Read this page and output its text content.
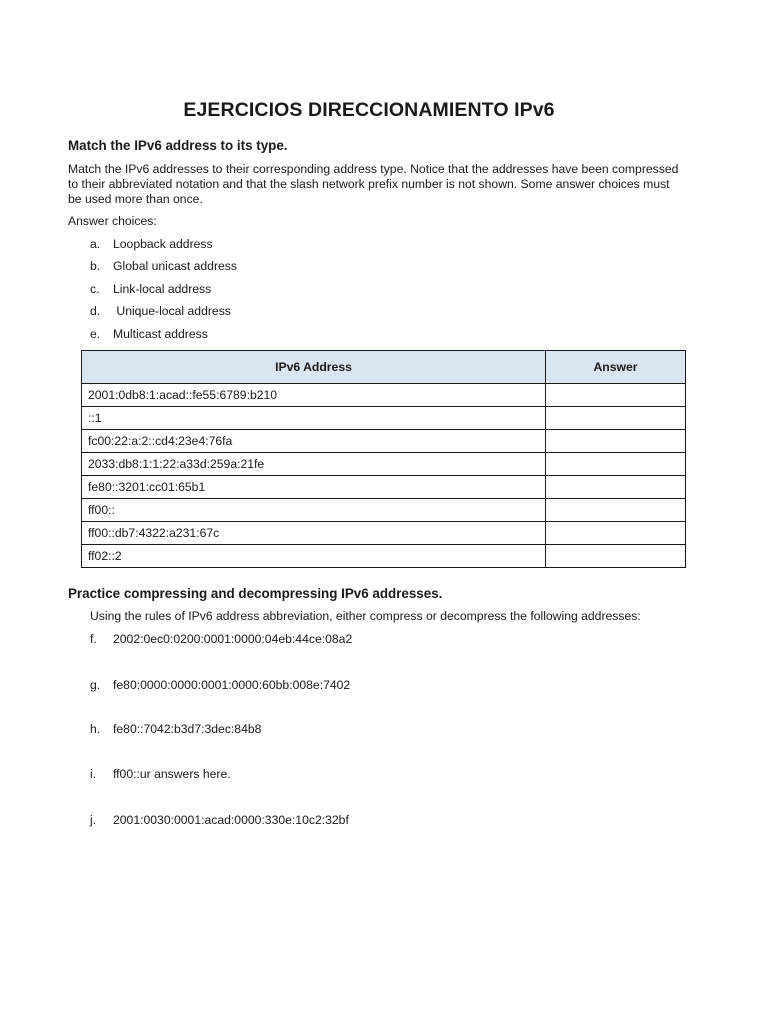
EJERCICIOS DIRECCIONAMIENTO IPv6

Match the IPv6 address to its type.

Match the IPv6 addresses to their corresponding address type. Notice that the addresses have been compressed
to their abbreviated notation and that the slash network prefix number is not shown. Some answer choices must
be used more than once.

Answer choices:

a. Loopback address

b. Global unicast address

c. Link-local address

d. Unique-local address

e. Multicast address

IPv6 Address	Answer
2001:0db8:1:acad::fe55:6789:b210	
::1	
fc00:22:a:2::cd4:23e4:76fa	
2033:db8:1:1:22:a33d:259a:21fe	
fe80::3201:cc01:65b1	
ff00::	
ff00::db7:4322:a231:67c	
ff02::2	

Practice compressing and decompressing IPv6 addresses.

Using the rules of IPv6 address abbreviation, either compress or decompress the following addresses:

f. 2002:0ec0:0200:0001:0000:04eb:44ce:08a2

g. fe80:0000:0000:0001:0000:60bb:008e:7402

h. fe80::7042:b3d7:3dec:84b8

i. ff00::ur answers here.

j. 2001:0030:0001:acad:0000:330e:10c2:32bf
